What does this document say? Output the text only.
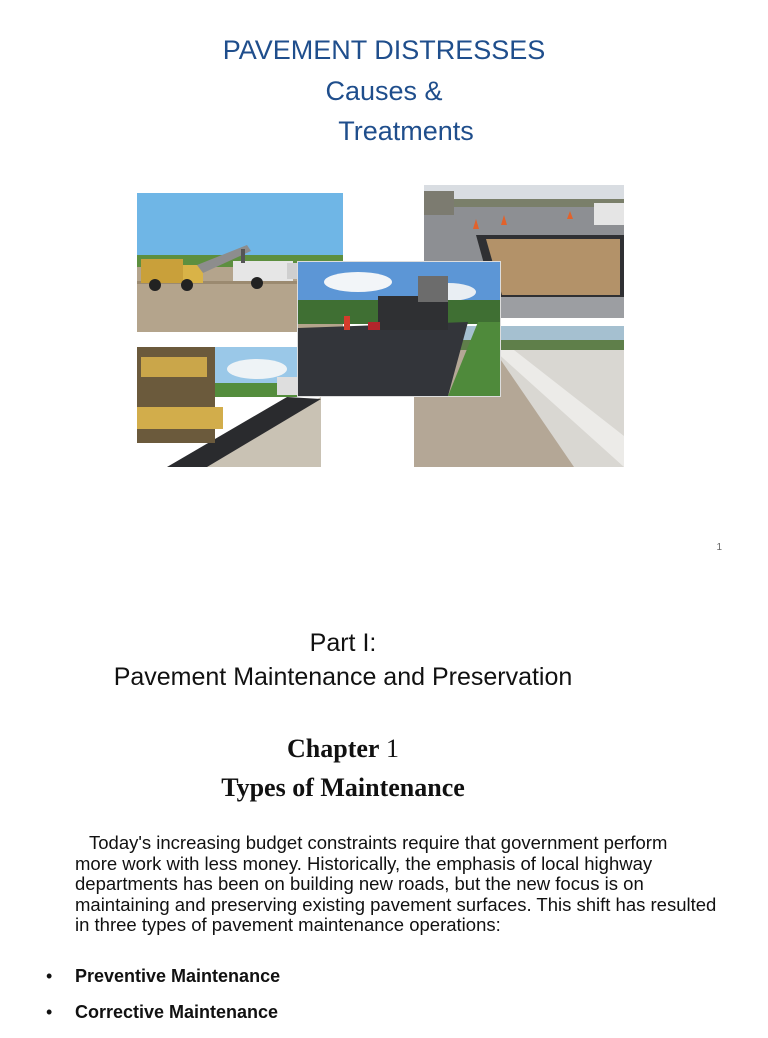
PAVEMENT DISTRESSES
Causes &
Treatments
1
Part I:
Pavement Maintenance and Preservation
Chapter 1
Types of Maintenance
Today's increasing budget constraints require that government perform
more work with less money. Historically, the emphasis of local highway departments has been on building new roads, but the new focus is on maintaining and preserving existing pavement surfaces. This shift has resulted in three types of pavement maintenance operations:
• Preventive Maintenance
• Corrective Maintenance
